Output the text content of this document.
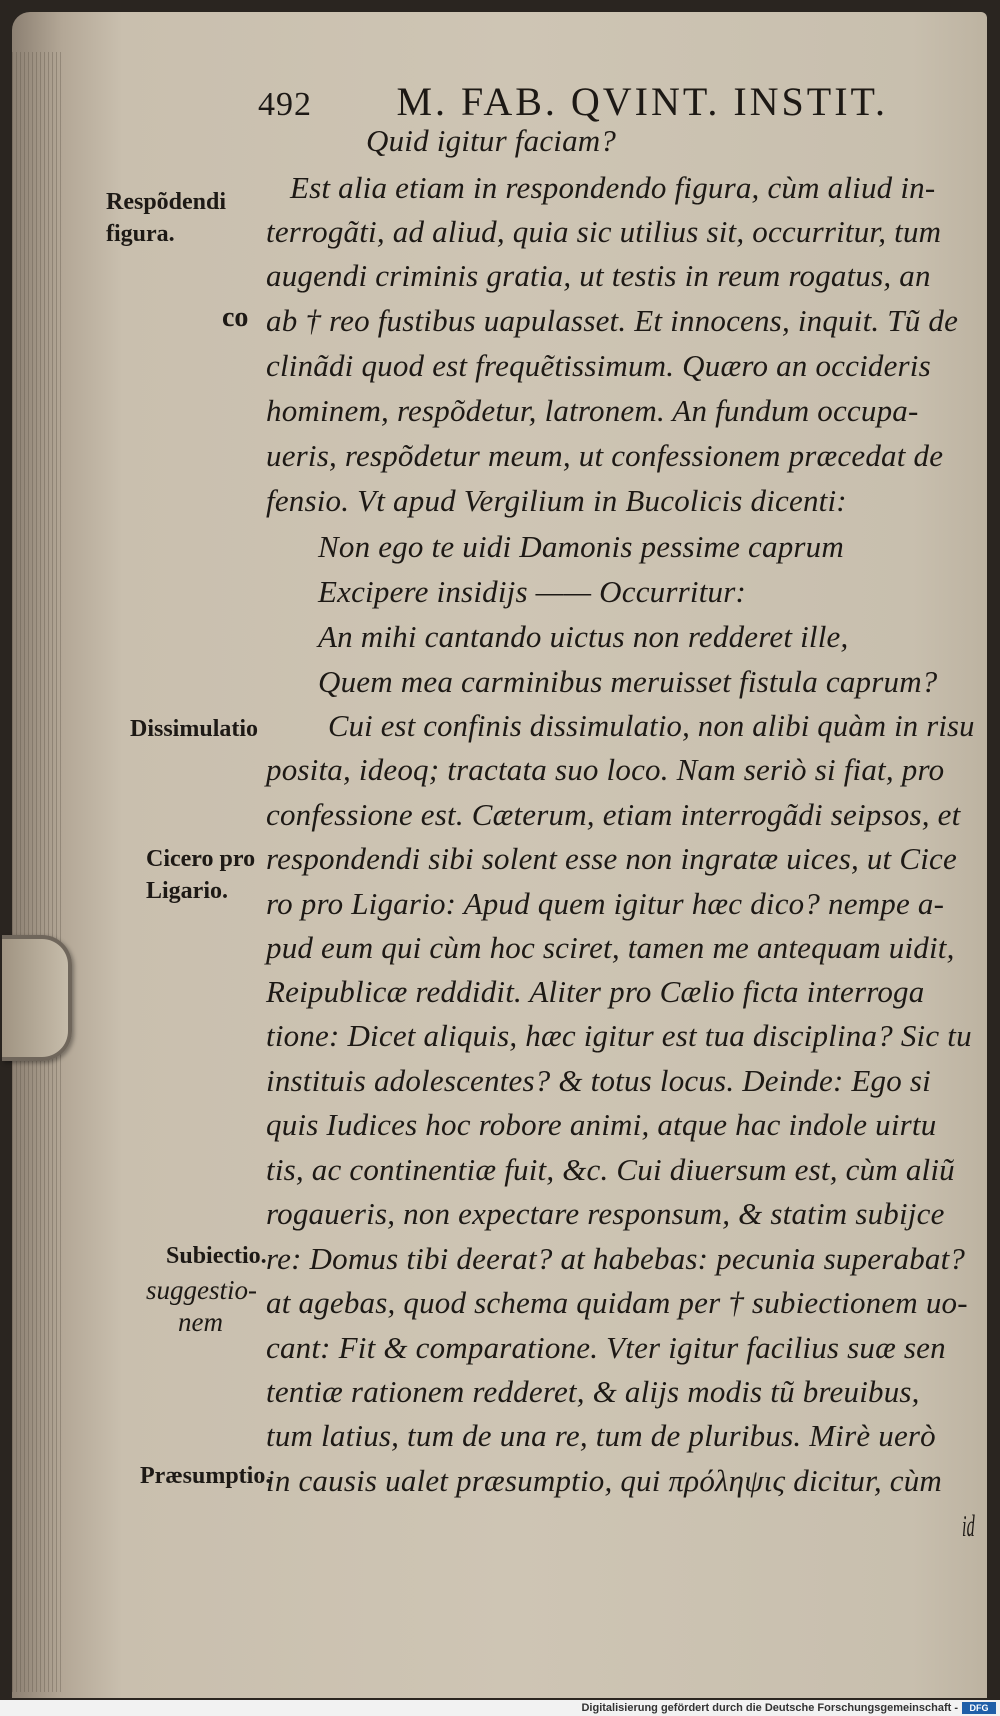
492 M. FAB. QVINT. INSTIT.
Quid igitur faciam?
Est alia etiam in respondendo figura, cùm aliud in-
terrogãti, ad aliud, quia sic utilius sit, occurritur, tum
augendi criminis gratia, ut testis in reum rogatus, an
ab † reo fustibus uapulasset. Et innocens, inquit. Tũ de
clinãdi quod est frequẽtissimum. Quæro an occideris
hominem, respõdetur, latronem. An fundum occupa-
ueris, respõdetur meum, ut confessionem præcedat de
fensio. Vt apud Vergilium in Bucolicis dicenti:
Non ego te uidi Damonis pessime caprum
Excipere insidijs —— Occurritur:
An mihi cantando uictus non redderet ille,
Quem mea carminibus meruisset fistula caprum?
Cui est confinis dissimulatio, non alibi quàm in risu
posita, ideoq; tractata suo loco. Nam seriò si fiat, pro
confessione est. Cæterum, etiam interrogãdi seipsos, et
respondendi sibi solent esse non ingratæ uices, ut Cice
ro pro Ligario: Apud quem igitur hæc dico? nempe a-
pud eum qui cùm hoc sciret, tamen me antequam uidit,
Reipublicæ reddidit. Aliter pro Cælio ficta interroga
tione: Dicet aliquis, hæc igitur est tua disciplina? Sic tu
instituis adolescentes? & totus locus. Deinde: Ego si
quis Iudices hoc robore animi, atque hac indole uirtu
tis, ac continentiæ fuit, &c. Cui diuersum est, cùm aliũ
rogaueris, non expectare responsum, & statim subijce
re: Domus tibi deerat? at habebas: pecunia superabat?
at agebas, quod schema quidam per † subiectionem uo-
cant: Fit & comparatione. Vter igitur facilius suæ sen
tentiæ rationem redderet, & alijs modis tũ breuibus,
tum latius, tum de una re, tum de pluribus. Mirè uerò
in causis ualet præsumptio, qui πρόληψις dicitur, cùm
id
Respõdendi
figura.
co
Dissimulatio
Cicero pro
Ligario.
Subiectio.
suggestio-
nem
Præsumptio.
Digitalisierung gefördert durch die Deutsche Forschungsgemeinschaft -	DFG
